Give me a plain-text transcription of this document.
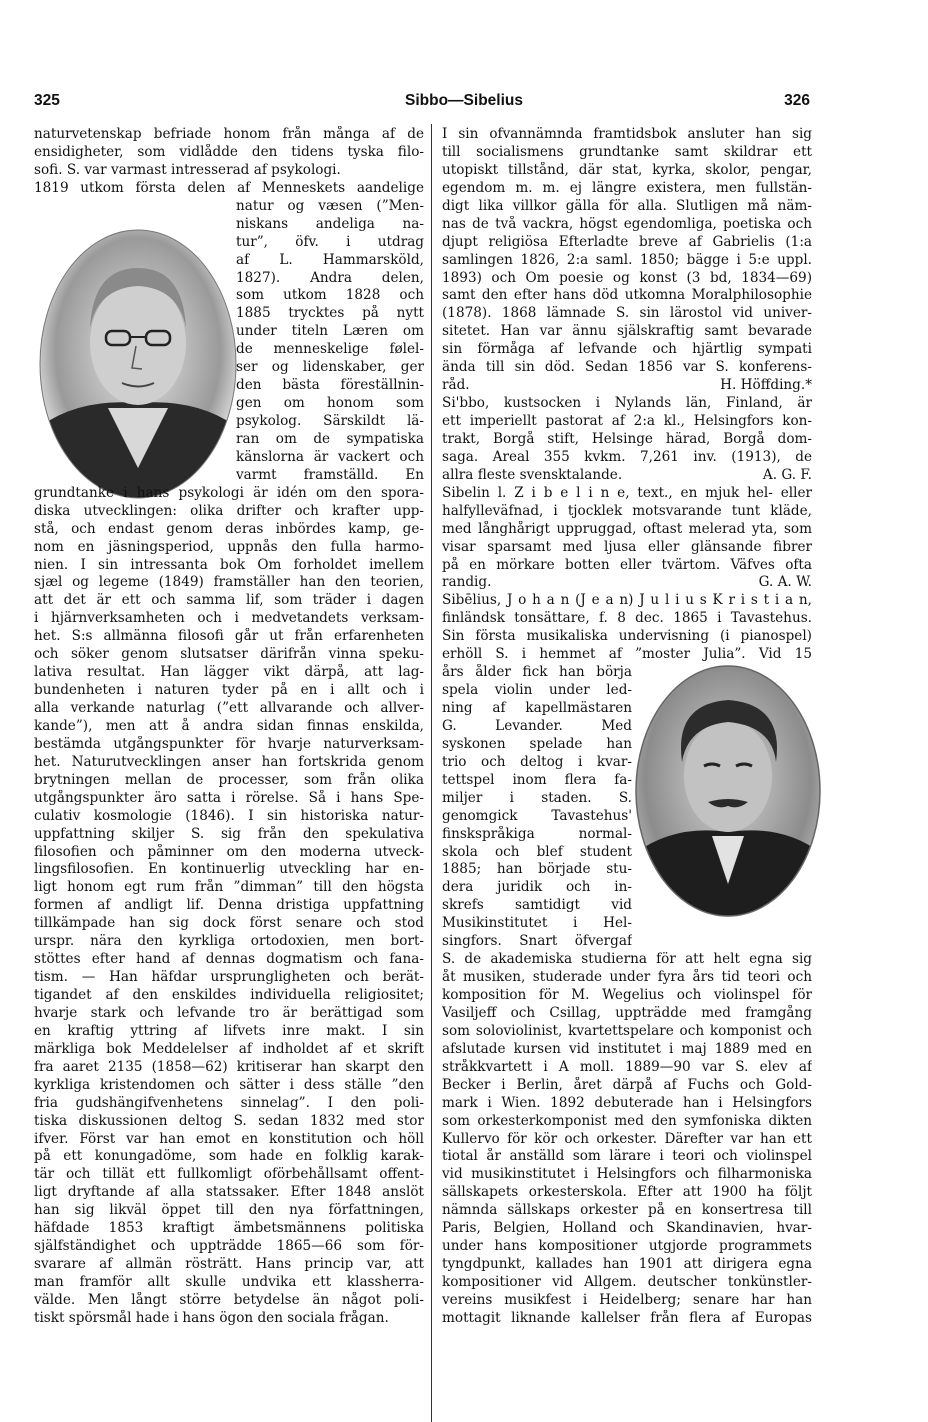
325	Sibbo—Sibelius	326
naturvetenskap befriade honom från många af de
ensidigheter, som vidlådde den tidens tyska filo-
sofi. S. var varmast intresserad af psykologi.
1819 utkom första delen af Menneskets aandelige
natur og væsen (”Men-
niskans andeliga na-
tur”, öfv. i utdrag
af L. Hammarsköld,
1827). Andra delen,
som utkom 1828 och
1885 trycktes på nytt
under titeln Læren om
de menneskelige følel-
ser og lidenskaber, ger
den bästa föreställnin-
gen om honom som
psykolog. Särskildt lä-
ran om de sympatiska
känslorna är vackert och
varmt framställd. En
grundtanke i hans psykologi är idén om den spora-
diska utvecklingen: olika drifter och krafter upp-
stå, och endast genom deras inbördes kamp, ge-
nom en jäsningsperiod, uppnås den fulla harmo-
nien. I sin intressanta bok Om forholdet imellem
sjæl og legeme (1849) framställer han den teorien,
att det är ett och samma lif, som träder i dagen
i hjärnverksamheten och i medvetandets verksam-
het. S:s allmänna filosofi går ut från erfarenheten
och söker genom slutsatser därifrån vinna speku-
lativa resultat. Han lägger vikt därpå, att lag-
bundenheten i naturen tyder på en i allt och i
alla verkande naturlag (”ett allvarande och allver-
kande”), men att å andra sidan finnas enskilda,
bestämda utgångspunkter för hvarje naturverksam-
het. Naturutvecklingen anser han fortskrida genom
brytningen mellan de processer, som från olika
utgångspunkter äro satta i rörelse. Så i hans Spe-
culativ kosmologie (1846). I sin historiska natur-
uppfattning skiljer S. sig från den spekulativa
filosofien och påminner om den moderna utveck-
lingsfilosofien. En kontinuerlig utveckling har en-
ligt honom egt rum från ”dimman” till den högsta
formen af andligt lif. Denna dristiga uppfattning
tillkämpade han sig dock först senare och stod
urspr. nära den kyrkliga ortodoxien, men bort-
stöttes efter hand af dennas dogmatism och fana-
tism. — Han häfdar ursprungligheten och berät-
tigandet af den enskildes individuella religiositet;
hvarje stark och lefvande tro är berättigad som
en kraftig yttring af lifvets inre makt. I sin
märkliga bok Meddelelser af indholdet af et skrift
fra aaret 2135 (1858—62) kritiserar han skarpt den
kyrkliga kristendomen och sätter i dess ställe ”den
fria gudshängifvenhetens sinnelag”. I den poli-
tiska diskussionen deltog S. sedan 1832 med stor
ifver. Först var han emot en konstitution och höll
på ett konungadöme, som hade en folklig karak-
tär och tillät ett fullkomligt oförbehållsamt offent-
ligt dryftande af alla statssaker. Efter 1848 anslöt
han sig likväl öppet till den nya författningen,
häfdade 1853 kraftigt ämbetsmännens politiska
själfständighet och uppträdde 1865—66 som för-
svarare af allmän rösträtt. Hans princip var, att
man framför allt skulle undvika ett klassherra-
välde. Men långt större betydelse än något poli-
tiskt spörsmål hade i hans ögon den sociala frågan.
I sin ofvannämnda framtidsbok ansluter han sig
till socialismens grundtanke samt skildrar ett
utopiskt tillstånd, där stat, kyrka, skolor, pengar,
egendom m. m. ej längre existera, men fullstän-
digt lika villkor gälla för alla. Slutligen må näm-
nas de två vackra, högst egendomliga, poetiska och
djupt religiösa Efterladte breve af Gabrielis (1:a
samlingen 1826, 2:a saml. 1850; bägge i 5:e uppl.
1893) och Om poesie og konst (3 bd, 1834—69)
samt den efter hans död utkomna Moralphilosophie
(1878). 1868 lämnade S. sin lärostol vid univer-
sitetet. Han var ännu själskraftig samt bevarade
sin förmåga af lefvande och hjärtlig sympati
ända till sin död. Sedan 1856 var S. konferens-
råd.	H. Höffding.*
Si'bbo, kustsocken i Nylands län, Finland, är
ett imperiellt pastorat af 2:a kl., Helsingfors kon-
trakt, Borgå stift, Helsinge härad, Borgå dom-
saga. Areal 355 kvkm. 7,261 inv. (1913), de
allra fleste svensktalande.	A. G. F.
Sibelin l. Z i b e l i n e, text., en mjuk hel- eller
halfylleväfnad, i tjocklek motsvarande tunt kläde,
med långhårigt uppruggad, oftast melerad yta, som
visar sparsamt med ljusa eller glänsande fibrer
på en mörkare botten eller tvärtom. Väfves ofta
randig.	G. A. W.
Sibēlius, J o h a n (J e a n) J u l i u s K r i s t i a n,
finländsk tonsättare, f. 8 dec. 1865 i Tavastehus.
Sin första musikaliska undervisning (i pianospel)
erhöll S. i hemmet af ”moster Julia”. Vid 15
års ålder fick han börja
spela violin under led-
ning af kapellmästaren
G. Levander. Med
syskonen spelade han
trio och deltog i kvar-
tettspel inom flera fa-
miljer i staden. S.
genomgick Tavastehus'
finskspråkiga normal-
skola och blef student
1885; han började stu-
dera juridik och in-
skrefs samtidigt vid
Musikinstitutet i Hel-
singfors. Snart öfvergaf
S. de akademiska studierna för att helt egna sig
åt musiken, studerade under fyra års tid teori och
komposition för M. Wegelius och violinspel för
Vasiljeff och Csillag, uppträdde med framgång
som soloviolinist, kvartettspelare och komponist och
afslutade kursen vid institutet i maj 1889 med en
stråkkvartett i A moll. 1889—90 var S. elev af
Becker i Berlin, året därpå af Fuchs och Gold-
mark i Wien. 1892 debuterade han i Helsingfors
som orkesterkomponist med den symfoniska dikten
Kullervo för kör och orkester. Därefter var han ett
tiotal år anställd som lärare i teori och violinspel
vid musikinstitutet i Helsingfors och filharmoniska
sällskapets orkesterskola. Efter att 1900 ha följt
nämnda sällskaps orkester på en konsertresa till
Paris, Belgien, Holland och Skandinavien, hvar-
under hans kompositioner utgjorde programmets
tyngdpunkt, kallades han 1901 att dirigera egna
kompositioner vid Allgem. deutscher tonkünstler-
vereins musikfest i Heidelberg; senare har han
mottagit liknande kallelser från flera af Europas
